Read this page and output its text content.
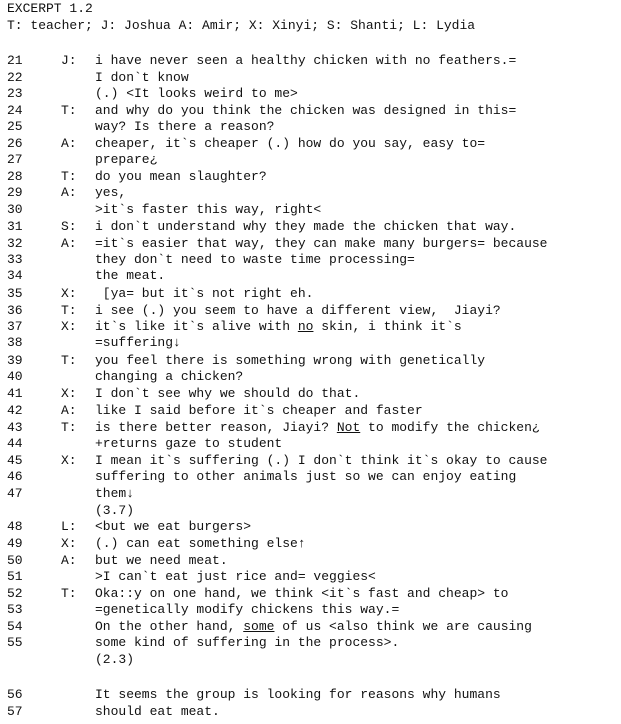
EXCERPT 1.2

T: teacher; J: Joshua A: Amir; X: Xinyi; S: Shanti; L: Lydia

21	J: i have never seen a healthy chicken with no feathers.=
22	I don`t know
23	(.) <It looks weird to me>
24	T: and why do you think the chicken was designed in this=
25	way? Is there a reason?
26	A: cheaper, it`s cheaper (.) how do you say, easy to=
27	prepare¿
28	T: do you mean slaughter?
29	A: yes,
30	>it`s faster this way, right<
31	S: i don`t understand why they made the chicken that way.
32	A: =it`s easier that way, they can make many burgers= because
33	they don`t need to waste time processing=
34	the meat.
35	X: [ya= but it`s not right eh.
36	T: i see (.) you seem to have a different view,  Jiayi?
37	X: it`s like it`s alive with no skin, i think it`s
38	=suffering↓
39	T: you feel there is something wrong with genetically
40	changing a chicken?
41	X: I don`t see why we should do that.
42	A: like I said before it`s cheaper and faster
43	T: is there better reason, Jiayi? Not to modify the chicken¿
44	+returns gaze to student
45	X: I mean it`s suffering (.) I don`t think it`s okay to cause
46	suffering to other animals just so we can enjoy eating
47	them↓
(3.7)
48	L: <but we eat burgers>
49	X: (.) can eat something else↑
50	A: but we need meat.
51	>I can`t eat just rice and= veggies<
52	T: Oka::y on one hand, we think <it`s fast and cheap> to
53	=genetically modify chickens this way.=
54	On the other hand, some of us <also think we are causing
55	some kind of suffering in the process>.
(2.3)
56	It seems the group is looking for reasons why humans
57	should eat meat.
